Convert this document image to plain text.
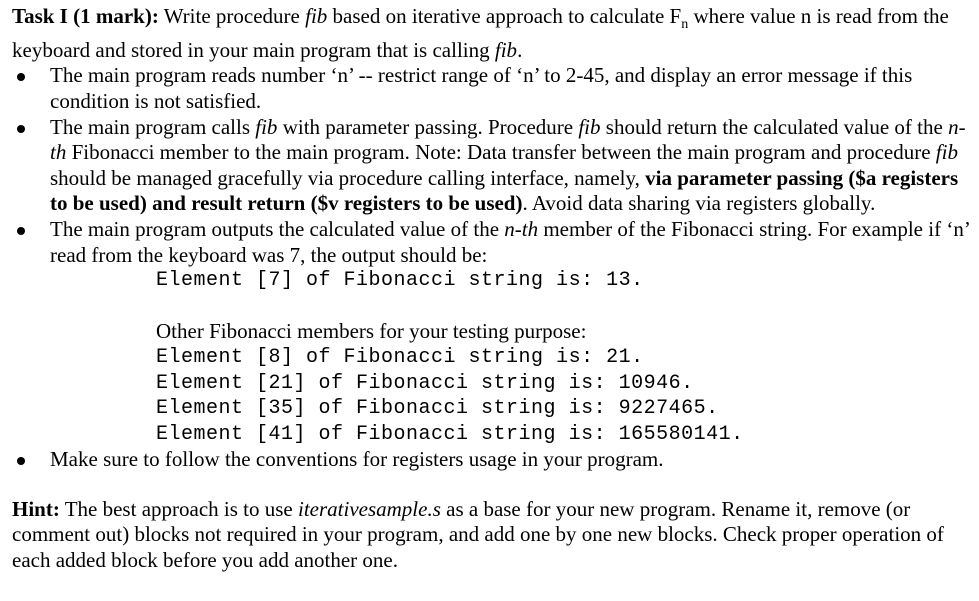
Task I (1 mark): Write procedure fib based on iterative approach to calculate $F_n$ where value n is read from the keyboard and stored in your main program that is calling fib.

The main program reads number ‘n’ -- restrict range of ‘n’ to 2-45, and display an error message if this condition is not satisfied.
The main program calls fib with parameter passing. Procedure fib should return the calculated value of the n-th Fibonacci member to the main program. Note: Data transfer between the main program and procedure fib should be managed gracefully via procedure calling interface, namely, via parameter passing ($a registers to be used) and result return ($v registers to be used). Avoid data sharing via registers globally.
The main program outputs the calculated value of the n-th member of the Fibonacci string. For example if ‘n’ read from the keyboard was 7, the output should be:
Element [7] of Fibonacci string is: 13.
Other Fibonacci members for your testing purpose:
Element [8] of Fibonacci string is: 21.
Element [21] of Fibonacci string is: 10946.
Element [35] of Fibonacci string is: 9227465.
Element [41] of Fibonacci string is: 165580141.
Make sure to follow the conventions for registers usage in your program.

Hint: The best approach is to use iterativesample.s as a base for your new program. Rename it, remove (or comment out) blocks not required in your program, and add one by one new blocks. Check proper operation of each added block before you add another one.
